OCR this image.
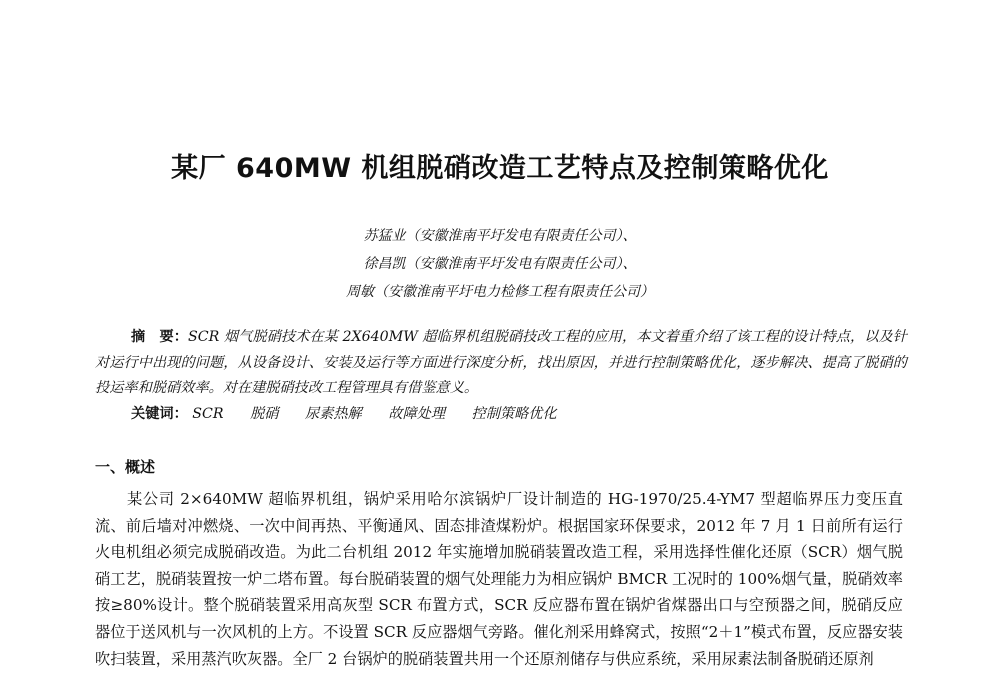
某厂 640MW 机组脱硝改造工艺特点及控制策略优化
苏猛业（安徽淮南平圩发电有限责任公司）、
徐昌凯（安徽淮南平圩发电有限责任公司）、
周敏（安徽淮南平圩电力检修工程有限责任公司）

摘　要：SCR 烟气脱硝技术在某 2X640MW 超临界机组脱硝技改工程的应用，本文着重介绍了该工程的设计特点，以及针对运行中出现的问题，从设备设计、安装及运行等方面进行深度分析，找出原因，并进行控制策略优化，逐步解决、提高了脱硝的投运率和脱硝效率。对在建脱硝技改工程管理具有借鉴意义。

关键词： SCR 脱硝 尿素热解 故障处理 控制策略优化
一、概述

某公司 2×640MW 超临界机组，锅炉采用哈尔滨锅炉厂设计制造的 HG-1970/25.4-YM7 型超临界压力变压直流、前后墙对冲燃烧、一次中间再热、平衡通风、固态排渣煤粉炉。根据国家环保要求，2012 年 7 月 1 日前所有运行火电机组必须完成脱硝改造。为此二台机组 2012 年实施增加脱硝装置改造工程，采用选择性催化还原（SCR）烟气脱硝工艺，脱硝装置按一炉二塔布置。每台脱硝装置的烟气处理能力为相应锅炉 BMCR 工况时的 100%烟气量，脱硝效率按≥80%设计。整个脱硝装置采用高灰型 SCR 布置方式，SCR 反应器布置在锅炉省煤器出口与空预器之间，脱硝反应器位于送风机与一次风机的上方。不设置 SCR 反应器烟气旁路。催化剂采用蜂窝式，按照“2＋1”模式布置，反应器安装吹扫装置，采用蒸汽吹灰器。全厂 2 台锅炉的脱硝装置共用一个还原剂储存与供应系统，采用尿素法制备脱硝还原剂
